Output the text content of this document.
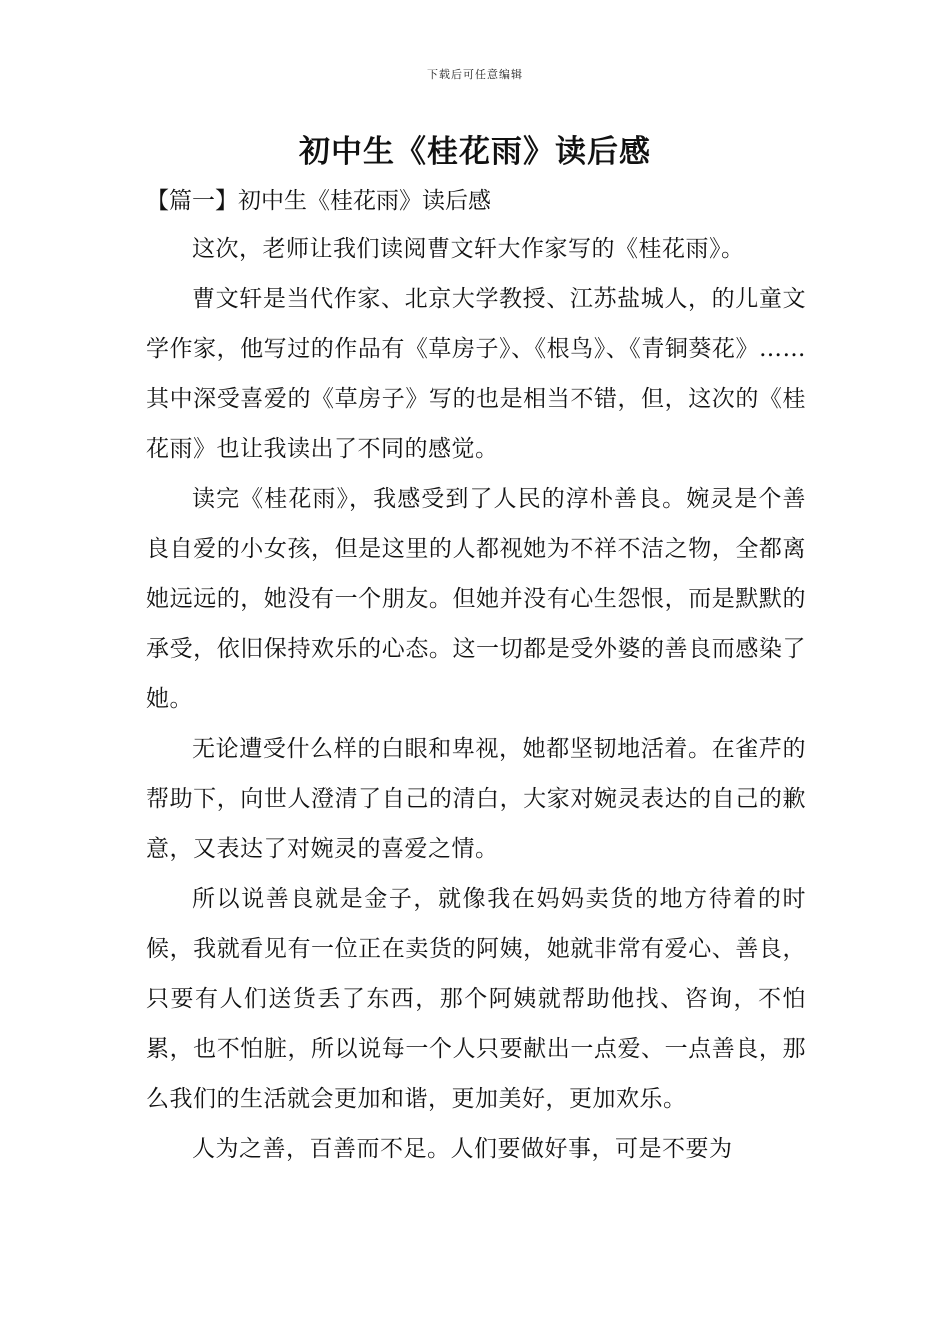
下载后可任意编辑
初中生《桂花雨》读后感
【篇一】初中生《桂花雨》读后感

这次，老师让我们读阅曹文轩大作家写的《桂花雨》。

曹文轩是当代作家、北京大学教授、江苏盐城人，的儿童文学作家，他写过的作品有《草房子》、《根鸟》、《青铜葵花》……其中深受喜爱的《草房子》写的也是相当不错，但，这次的《桂花雨》也让我读出了不同的感觉。

读完《桂花雨》，我感受到了人民的淳朴善良。婉灵是个善良自爱的小女孩，但是这里的人都视她为不祥不洁之物，全都离她远远的，她没有一个朋友。但她并没有心生怨恨，而是默默的承受，依旧保持欢乐的心态。这一切都是受外婆的善良而感染了她。

无论遭受什么样的白眼和卑视，她都坚韧地活着。在雀芹的帮助下，向世人澄清了自己的清白，大家对婉灵表达的自己的歉意，又表达了对婉灵的喜爱之情。

所以说善良就是金子，就像我在妈妈卖货的地方待着的时候，我就看见有一位正在卖货的阿姨，她就非常有爱心、善良，只要有人们送货丢了东西，那个阿姨就帮助他找、咨询，不怕累，也不怕脏，所以说每一个人只要献出一点爱、一点善良，那么我们的生活就会更加和谐，更加美好，更加欢乐。

人为之善，百善而不足。人们要做好事，可是不要为
